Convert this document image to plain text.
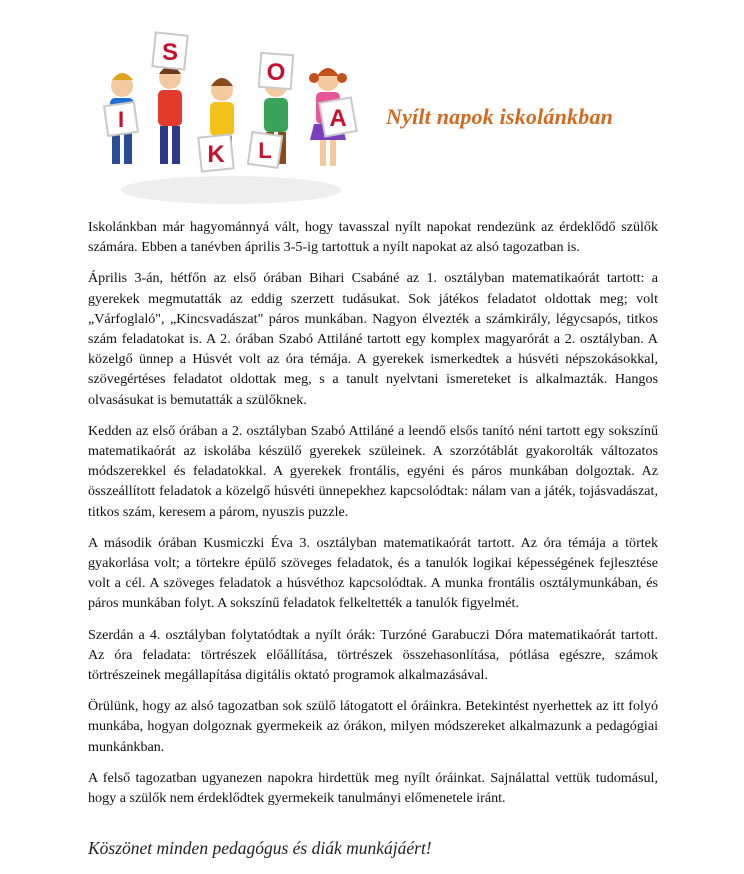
I
S
K
O
L
A Nyílt napok iskolánkban

Iskolánkban már hagyománnyá vált, hogy tavasszal nyílt napokat rendezünk az érdeklődő szülők számára. Ebben a tanévben április 3-5-ig tartottuk a nyílt napokat az alsó tagozatban is.

Április 3-án, hétfőn az első órában Bihari Csabáné az 1. osztályban matematikaórát tartott: a gyerekek megmutatták az eddig szerzett tudásukat. Sok játékos feladatot oldottak meg; volt „Várfoglaló", „Kincsvadászat" páros munkában. Nagyon élvezték a számkirály, légycsapós, titkos szám feladatokat is. A 2. órában Szabó Attiláné tartott egy komplex magyarórát a 2. osztályban. A közelgő ünnep a Húsvét volt az óra témája. A gyerekek ismerkedtek a húsvéti népszokásokkal, szövegértéses feladatot oldottak meg, s a tanult nyelvtani ismereteket is alkalmazták. Hangos olvasásukat is bemutatták a szülőknek.

Kedden az első órában a 2. osztályban Szabó Attiláné a leendő elsős tanító néni tartott egy sokszínű matematikaórát az iskolába készülő gyerekek szüleinek. A szorzótáblát gyakorolták változatos módszerekkel és feladatokkal. A gyerekek frontális, egyéni és páros munkában dolgoztak. Az összeállított feladatok a közelgő húsvéti ünnepekhez kapcsolódtak: nálam van a játék, tojásvadászat, titkos szám, keresem a párom, nyuszis puzzle.

A második órában Kusmiczki Éva 3. osztályban matematikaórát tartott. Az óra témája a törtek gyakorlása volt; a törtekre épülő szöveges feladatok, és a tanulók logikai képességének fejlesztése volt a cél. A szöveges feladatok a húsvéthoz kapcsolódtak. A munka frontális osztálymunkában, és páros munkában folyt. A sokszínű feladatok felkeltették a tanulók figyelmét.

Szerdán a 4. osztályban folytatódtak a nyílt órák: Turzóné Garabuczi Dóra matematikaórát tartott. Az óra feladata: törtrészek előállítása, törtrészek összehasonlítása, pótlása egészre, számok törtrészeinek megállapítása digitális oktató programok alkalmazásával.

Örülünk, hogy az alsó tagozatban sok szülő látogatott el óráinkra. Betekintést nyerhettek az itt folyó munkába, hogyan dolgoznak gyermekeik az órákon, milyen módszereket alkalmazunk a pedagógiai munkánkban.

A felső tagozatban ugyanezen napokra hirdettük meg nyílt óráinkat. Sajnálattal vettük tudomásul, hogy a szülők nem érdeklődtek gyermekeik tanulmányi előmenetele iránt.

Köszönet minden pedagógus és diák munkájáért!
